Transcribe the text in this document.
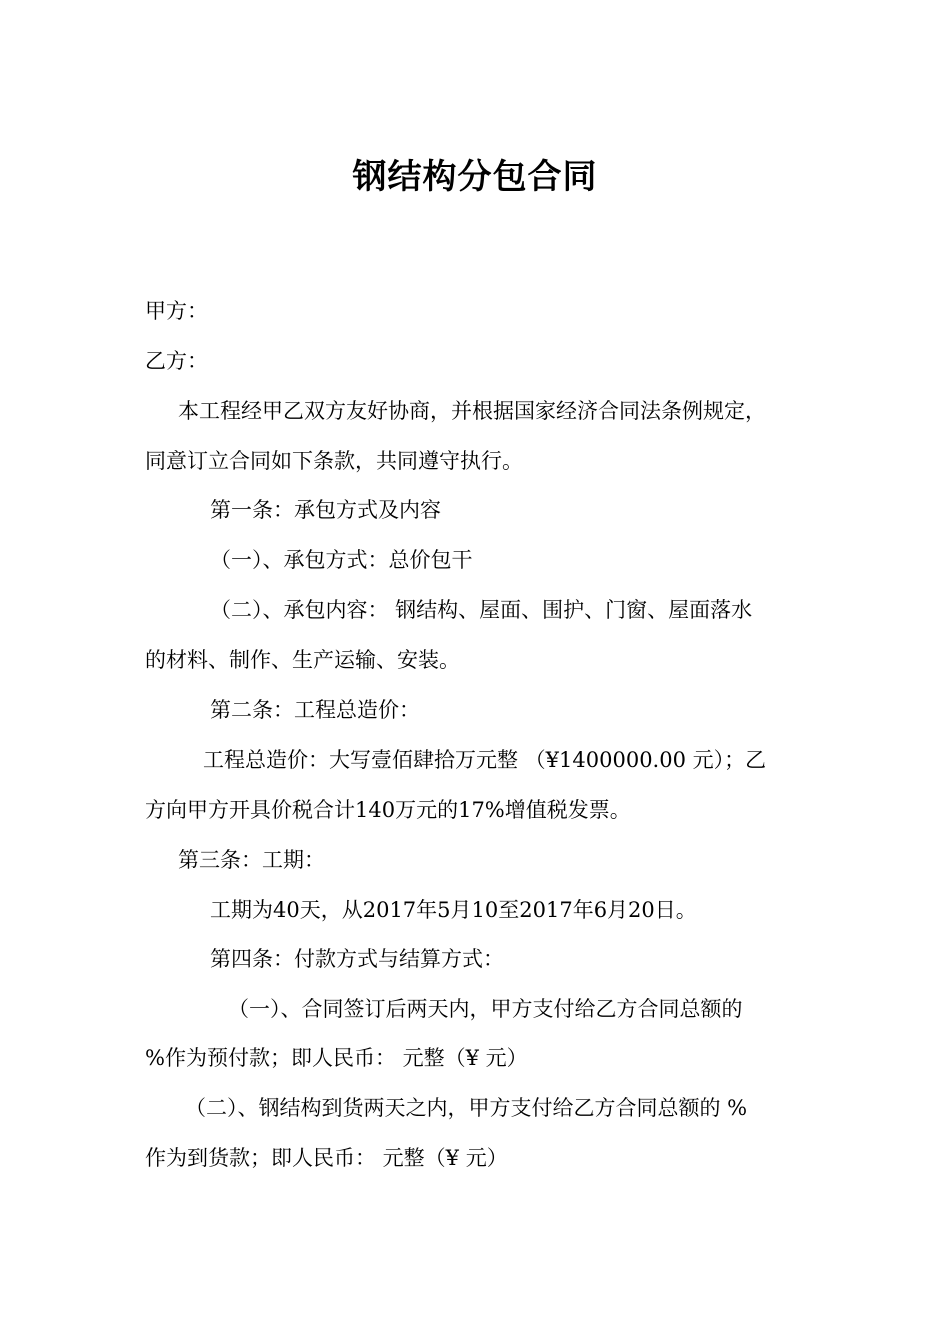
钢结构分包合同
甲方：
乙方：
本工程经甲乙双方友好协商，并根据国家经济合同法条例规定，
同意订立合同如下条款，共同遵守执行。
第一条：承包方式及内容
（一）、承包方式：总价包干
（二）、承包内容： 钢结构、屋面、围护、门窗、屋面落水
的材料、制作、生产运输、安装。
第二条：工程总造价：
工程总造价：大写壹佰肆拾万元整 （¥1400000.00 元）；乙
方向甲方开具价税合计140万元的17%增值税发票。
第三条：工期：
工期为40天，从2017年5月10至2017年6月20日。
第四条：付款方式与结算方式：
（一）、合同签订后两天内，甲方支付给乙方合同总额的
%作为预付款；即人民币： 元整（¥ 元）
（二）、钢结构到货两天之内，甲方支付给乙方合同总额的 %
作为到货款；即人民币： 元整（¥ 元）
